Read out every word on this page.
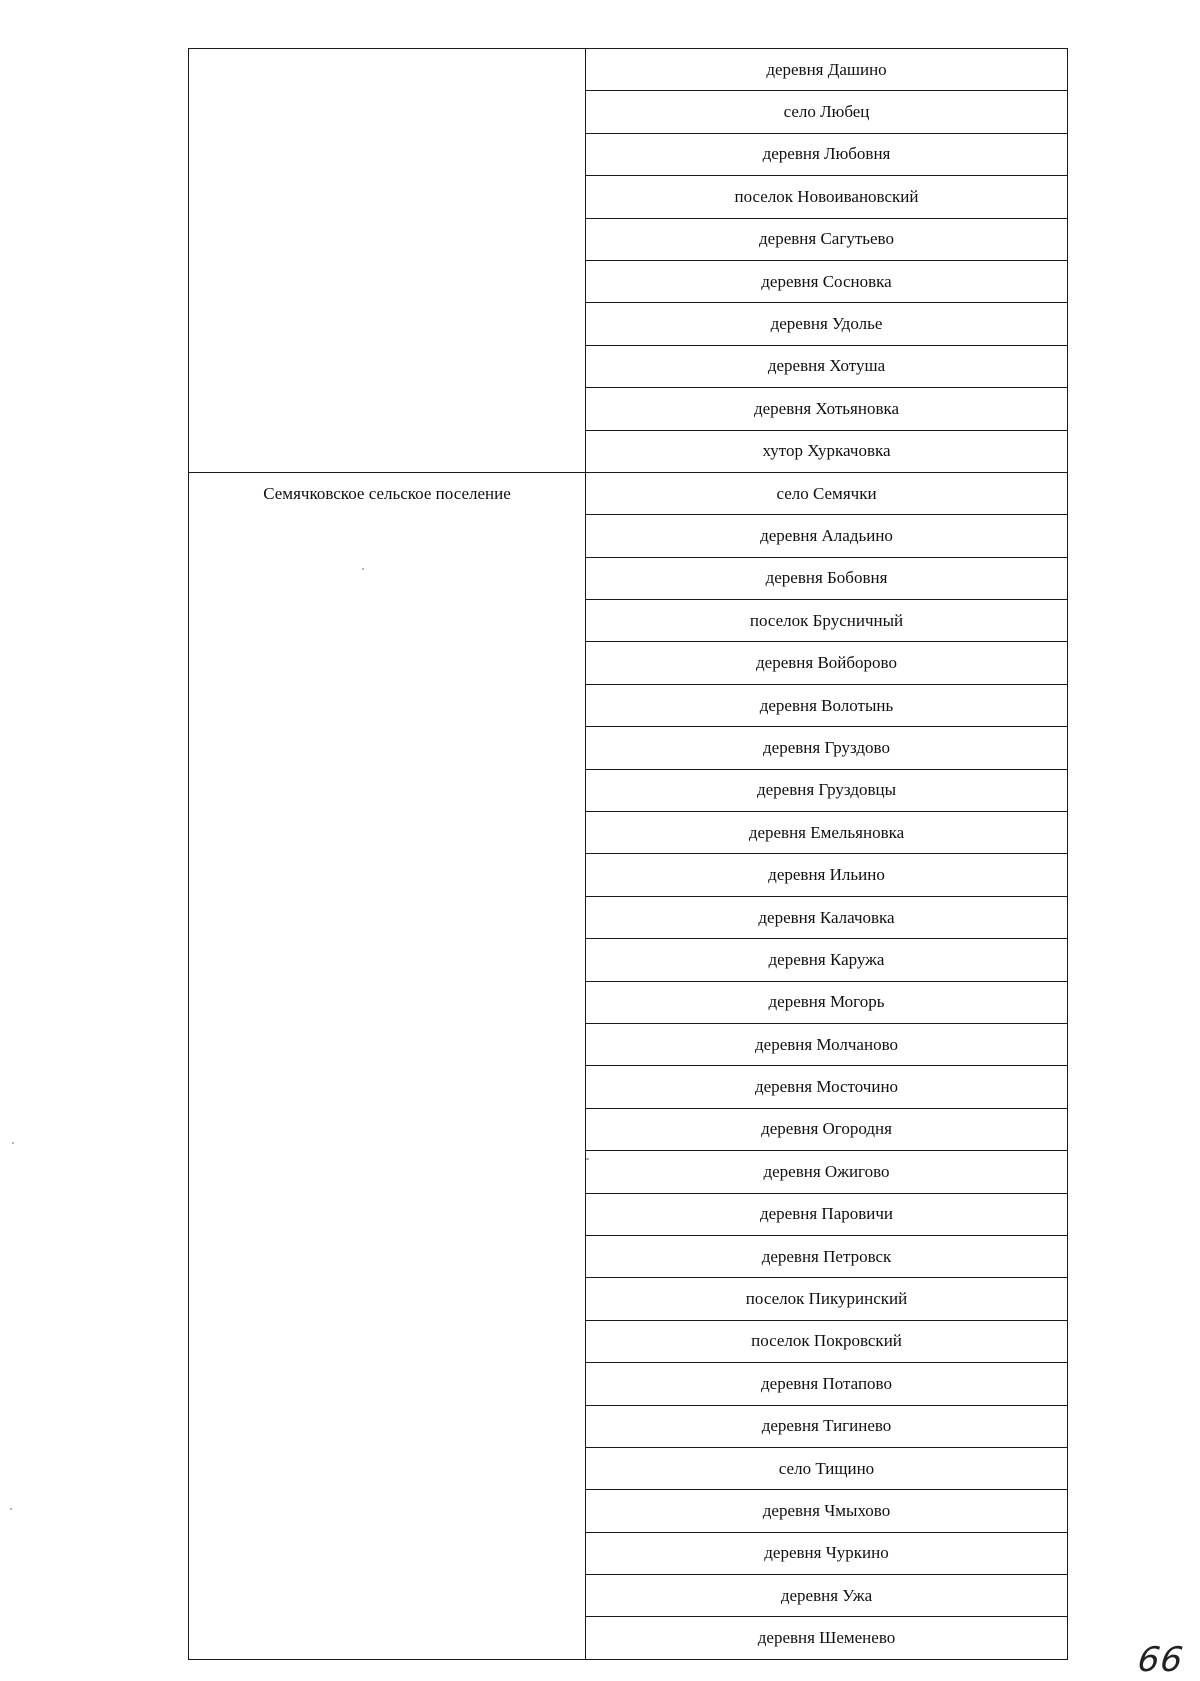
	деревня Дашино
	село Любец
	деревня Любовня
	поселок Новоивановский
	деревня Сагутьево
	деревня Сосновка
	деревня Удолье
	деревня Хотуша
	деревня Хотьяновка
	хутор Хуркачовка

Семячковское сельское поселение	село Семячки
	деревня Аладьино
	деревня Бобовня
	поселок Брусничный
	деревня Войборово
	деревня Волотынь
	деревня Груздово
	деревня Груздовцы
	деревня Емельяновка
	деревня Ильино
	деревня Калачовка
	деревня Каружа
	деревня Могорь
	деревня Молчаново
	деревня Мосточино
	деревня Огородня
	деревня Ожигово
	деревня Паровичи
	деревня Петровск
	поселок Пикуринский
	поселок Покровский
	деревня Потапово
	деревня Тигинево
	село Тищино
	деревня Чмыхово
	деревня Чуркино
	деревня Ужа
	деревня Шеменево
66
